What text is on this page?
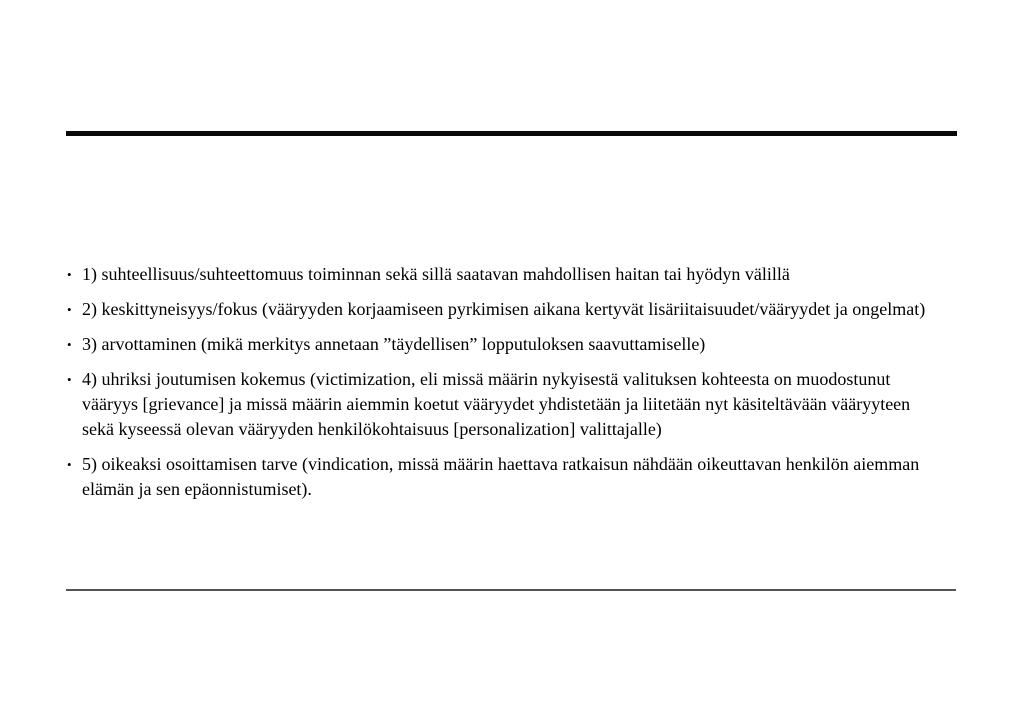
• 1) suhteellisuus/suhteettomuus toiminnan sekä sillä saatavan mahdollisen haitan tai hyödyn välillä
• 2) keskittyneisyys/fokus (vääryyden korjaamiseen pyrkimisen aikana kertyvät lisäriitaisuudet/vääryydet ja ongelmat)
• 3) arvottaminen (mikä merkitys annetaan ”täydellisen” lopputuloksen saavuttamiselle)
• 4) uhriksi joutumisen kokemus (victimization, eli missä määrin nykyisestä valituksen kohteesta on muodostunut vääryys [grievance] ja missä määrin aiemmin koetut vääryydet yhdistetään ja liitetään nyt käsiteltävään vääryyteen sekä kyseessä olevan vääryyden henkilökohtaisuus [personalization] valittajalle)
• 5) oikeaksi osoittamisen tarve (vindication, missä määrin haettava ratkaisun nähdään oikeuttavan henkilön aiemman elämän ja sen epäonnistumiset).
